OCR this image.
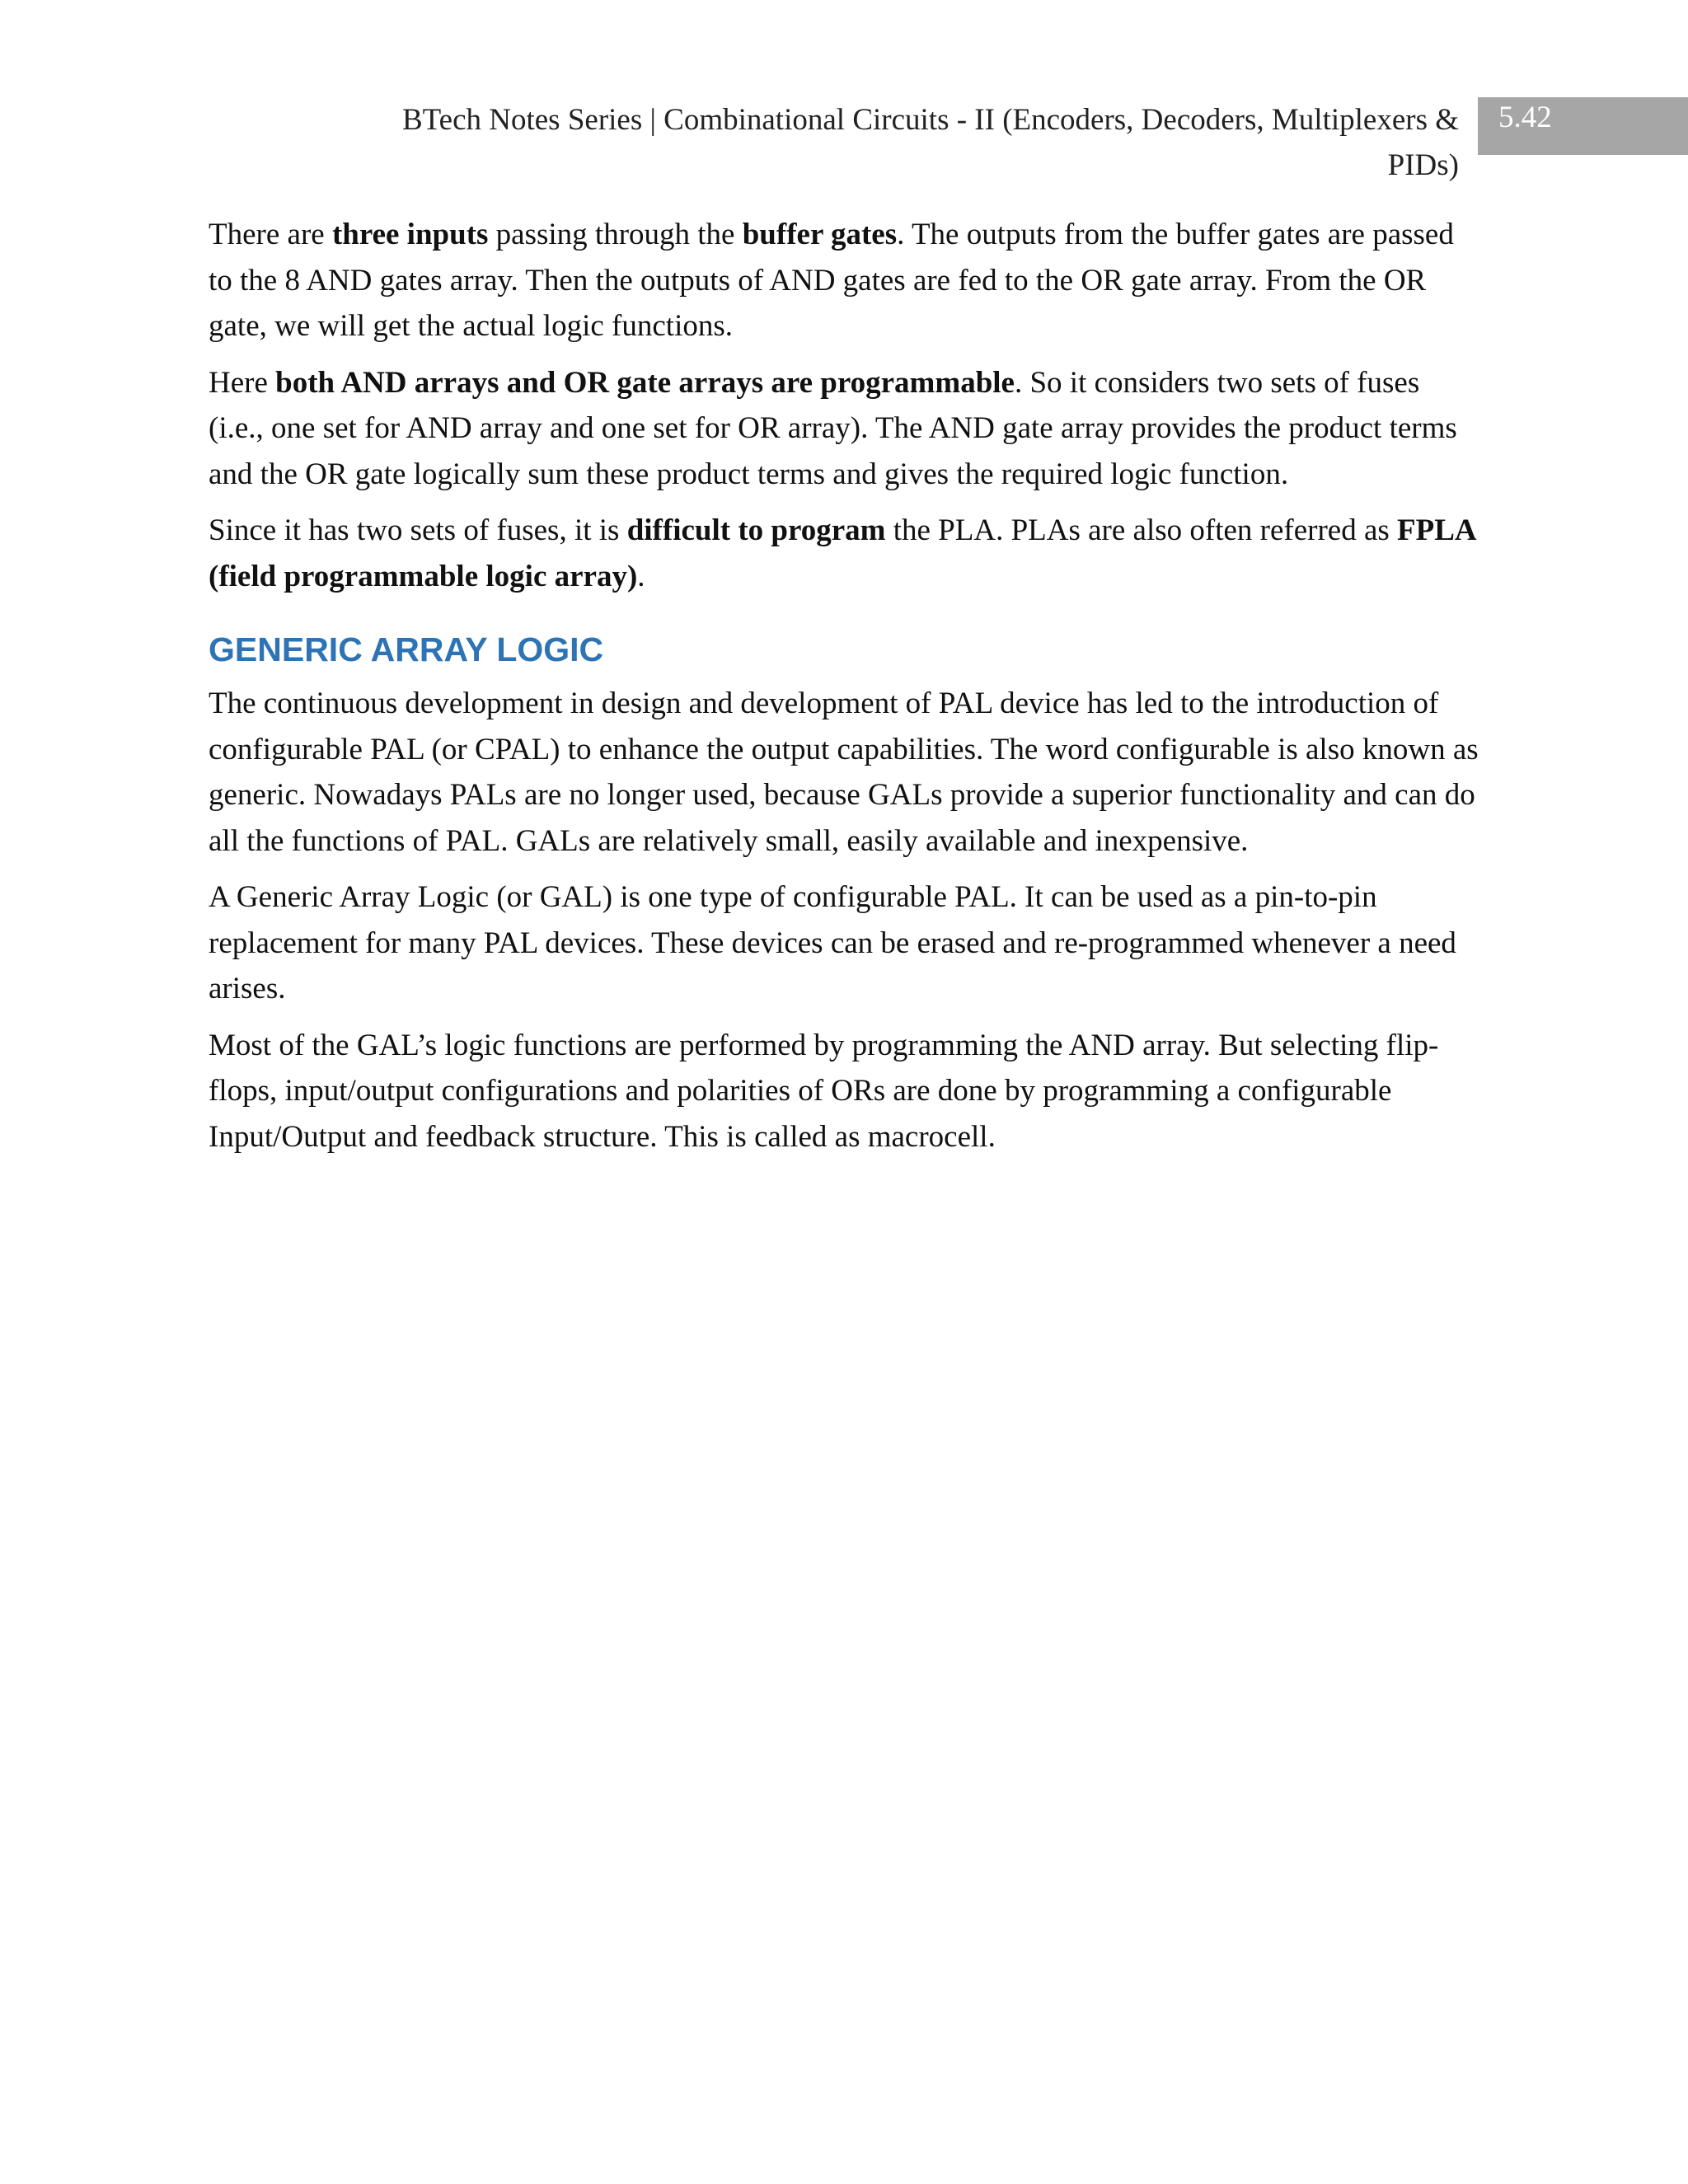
BTech Notes Series | Combinational Circuits - II (Encoders, Decoders, Multiplexers &
PIDs)
5.42

There are three inputs passing through the buffer gates. The outputs from the buffer gates are passed to the 8 AND gates array. Then the outputs of AND gates are fed to the OR gate array. From the OR gate, we will get the actual logic functions.

Here both AND arrays and OR gate arrays are programmable. So it considers two sets of fuses (i.e., one set for AND array and one set for OR array). The AND gate array provides the product terms and the OR gate logically sum these product terms and gives the required logic function.

Since it has two sets of fuses, it is difficult to program the PLA. PLAs are also often referred as FPLA (field programmable logic array).

GENERIC ARRAY LOGIC

The continuous development in design and development of PAL device has led to the introduction of configurable PAL (or CPAL) to enhance the output capabilities. The word configurable is also known as generic. Nowadays PALs are no longer used, because GALs provide a superior functionality and can do all the functions of PAL. GALs are relatively small, easily available and inexpensive.

A Generic Array Logic (or GAL) is one type of configurable PAL. It can be used as a pin-to-pin replacement for many PAL devices. These devices can be erased and re-programmed whenever a need arises.

Most of the GAL’s logic functions are performed by programming the AND array. But selecting flip-flops, input/output configurations and polarities of ORs are done by programming a configurable Input/Output and feedback structure. This is called as macrocell.
